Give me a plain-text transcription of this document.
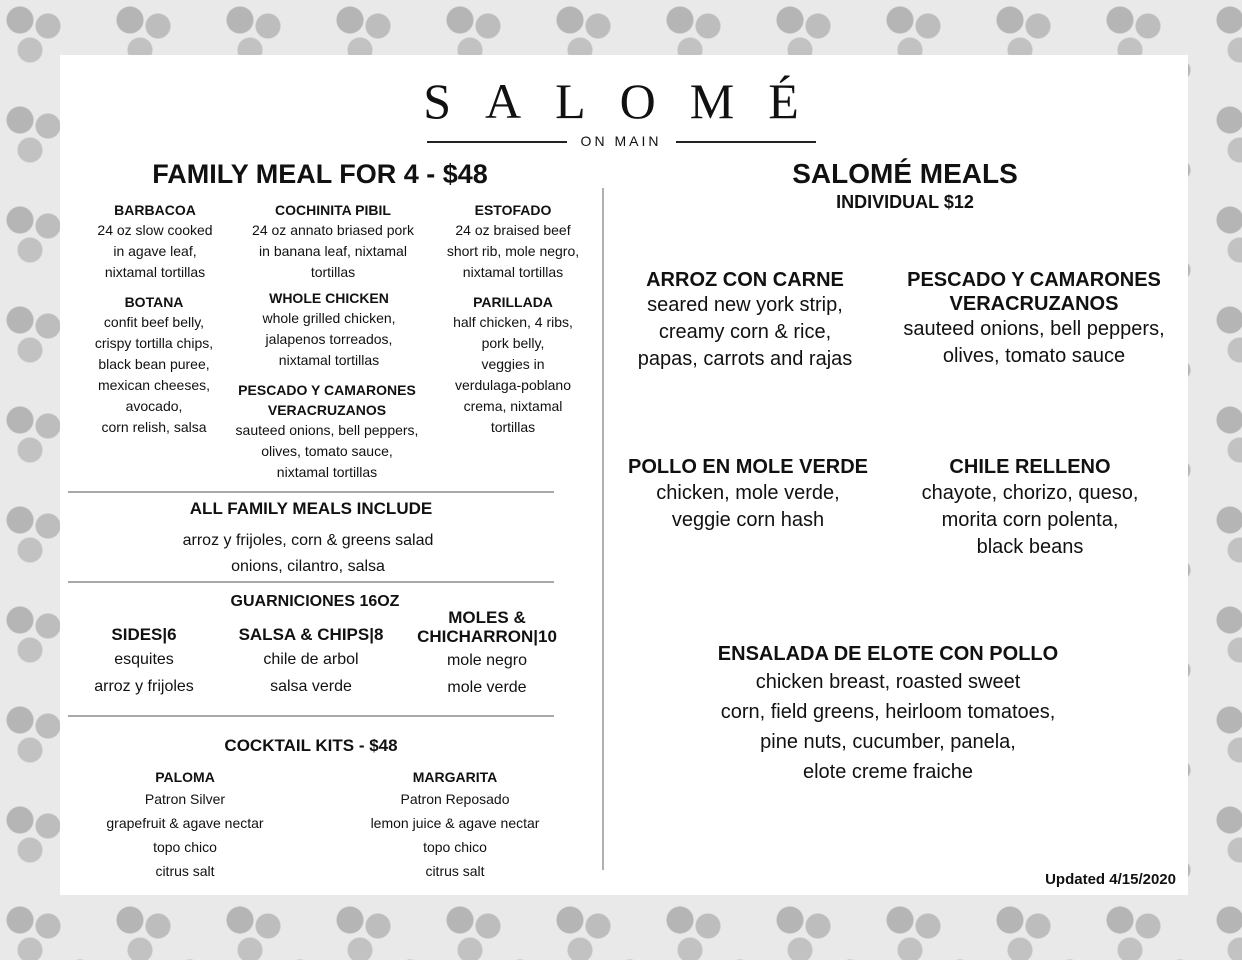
SALOMÉ
ON MAIN
FAMILY MEAL FOR 4 - $48
BARBACOA
24 oz slow cooked
in agave leaf,
nixtamal tortillas
COCHINITA PIBIL
24 oz annato briased pork
in banana leaf, nixtamal
tortillas
ESTOFADO
24 oz braised beef
short rib, mole negro,
nixtamal tortillas
BOTANA
confit beef belly,
crispy tortilla chips,
black bean puree,
mexican cheeses,
avocado,
corn relish, salsa
WHOLE CHICKEN
whole grilled chicken,
jalapenos torreados,
nixtamal tortillas
PARILLADA
half chicken, 4 ribs,
pork belly,
veggies in
verdulaga-poblano
crema, nixtamal
tortillas
PESCADO Y CAMARONES
VERACRUZANOS
sauteed onions, bell peppers,
olives, tomato sauce,
nixtamal tortillas
ALL FAMILY MEALS INCLUDE
arroz y frijoles, corn & greens salad
onions, cilantro, salsa
GUARNICIONES 16OZ
SIDES|6
esquites
arroz y frijoles
SALSA & CHIPS|8
chile de arbol
salsa verde
MOLES &
CHICHARRON|10
mole negro
mole verde
COCKTAIL KITS - $48
PALOMA
Patron Silver
grapefruit & agave nectar
topo chico
citrus salt
MARGARITA
Patron Reposado
lemon juice & agave nectar
topo chico
citrus salt
SALOMÉ MEALS
INDIVIDUAL $12
ARROZ CON CARNE
seared new york strip,
creamy corn & rice,
papas, carrots and rajas
PESCADO Y CAMARONES
VERACRUZANOS
sauteed onions, bell peppers,
olives, tomato sauce
POLLO EN MOLE VERDE
chicken, mole verde,
veggie corn hash
CHILE RELLENO
chayote, chorizo, queso,
morita corn polenta,
black beans
ENSALADA DE ELOTE CON POLLO
chicken breast, roasted sweet
corn, field greens, heirloom tomatoes,
pine nuts, cucumber, panela,
elote creme fraiche
Updated 4/15/2020
